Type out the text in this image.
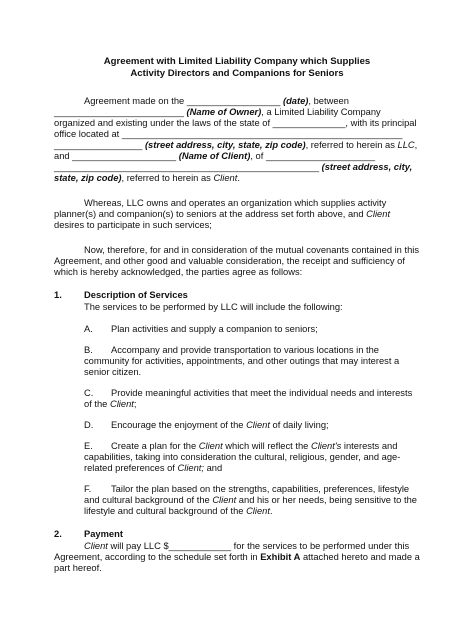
Agreement with Limited Liability Company which Supplies
Activity Directors and Companions for Seniors

Agreement made on the __________________ (date), between _________________________ (Name of Owner), a Limited Liability Company organized and existing under the laws of the state of ______________, with its principal office located at ______________________________________________________ _________________ (street address, city, state, zip code), referred to herein as LLC, and ____________________ (Name of Client), of _____________________ ___________________________________________________ (street address, city, state, zip code), referred to herein as Client.

Whereas, LLC owns and operates an organization which supplies activity planner(s) and companion(s) to seniors at the address set forth above, and Client desires to participate in such services;

Now, therefore, for and in consideration of the mutual covenants contained in this Agreement, and other good and valuable consideration, the receipt and sufficiency of which is hereby acknowledged, the parties agree as follows:

1.	Description of Services

The services to be performed by LLC will include the following:

A. Plan activities and supply a companion to seniors;

B. Accompany and provide transportation to various locations in the community for activities, appointments, and other outings that may interest a senior citizen.

C. Provide meaningful activities that meet the individual needs and interests of the Client;

D. Encourage the enjoyment of the Client of daily living;

E. Create a plan for the Client which will reflect the Client's interests and capabilities, taking into consideration the cultural, religious, gender, and age-related preferences of Client; and

F. Tailor the plan based on the strengths, capabilities, preferences, lifestyle and cultural background of the Client and his or her needs, being sensitive to the lifestyle and cultural background of the Client.

2.	Payment

Client will pay LLC $____________ for the services to be performed under this Agreement, according to the schedule set forth in Exhibit A attached hereto and made a part hereof.
